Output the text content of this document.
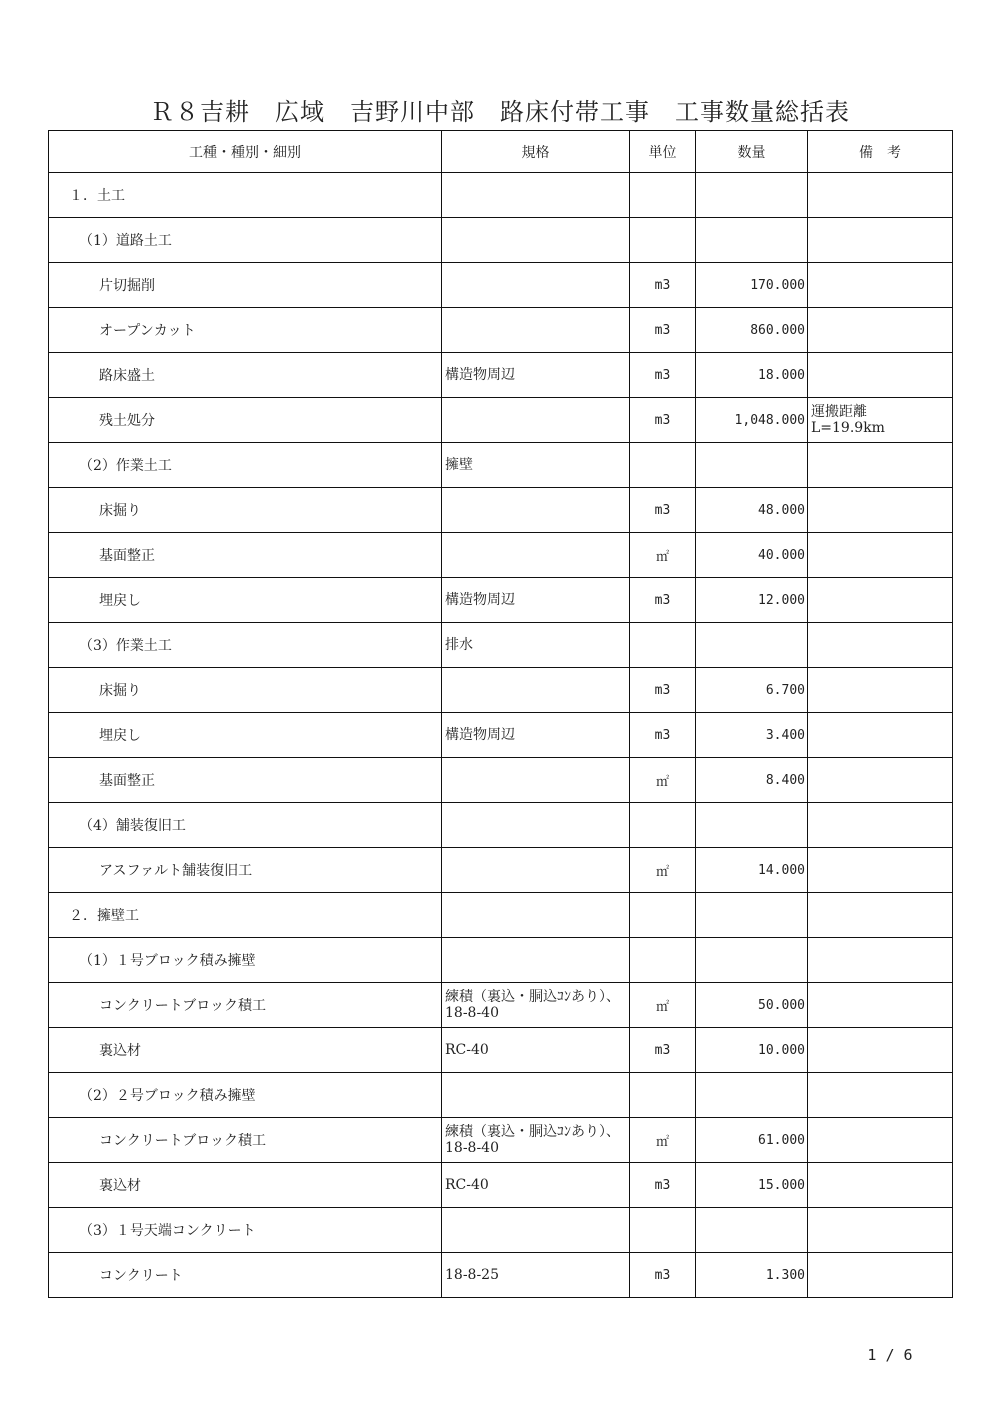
Ｒ８吉耕　広域　吉野川中部　路床付帯工事　工事数量総括表
工種・種別・細別	規格	単位	数量	備　考
１．土工				
（1）道路土工				
片切掘削		m3	170.000	
オープンカット		m3	860.000	
路床盛土	構造物周辺	m3	18.000	
残土処分		m3	1,048.000	運搬距離
L=19.9km
（2）作業土工	擁壁			
床掘り		m3	48.000	
基面整正		㎡	40.000	
埋戻し	構造物周辺	m3	12.000	
（3）作業土工	排水			
床掘り		m3	6.700	
埋戻し	構造物周辺	m3	3.400	
基面整正		㎡	8.400	
（4）舗装復旧工				
アスファルト舗装復旧工		㎡	14.000	
２．擁壁工				
（1）１号ブロック積み擁壁				
コンクリートブロック積工	練積（裏込・胴込ｺﾝあり）、18-8-40	㎡	50.000	
裏込材	RC-40	m3	10.000	
（2）２号ブロック積み擁壁				
コンクリートブロック積工	練積（裏込・胴込ｺﾝあり）、18-8-40	㎡	61.000	
裏込材	RC-40	m3	15.000	
（3）１号天端コンクリート				
コンクリート	18-8-25	m3	1.300	
1 / 6
